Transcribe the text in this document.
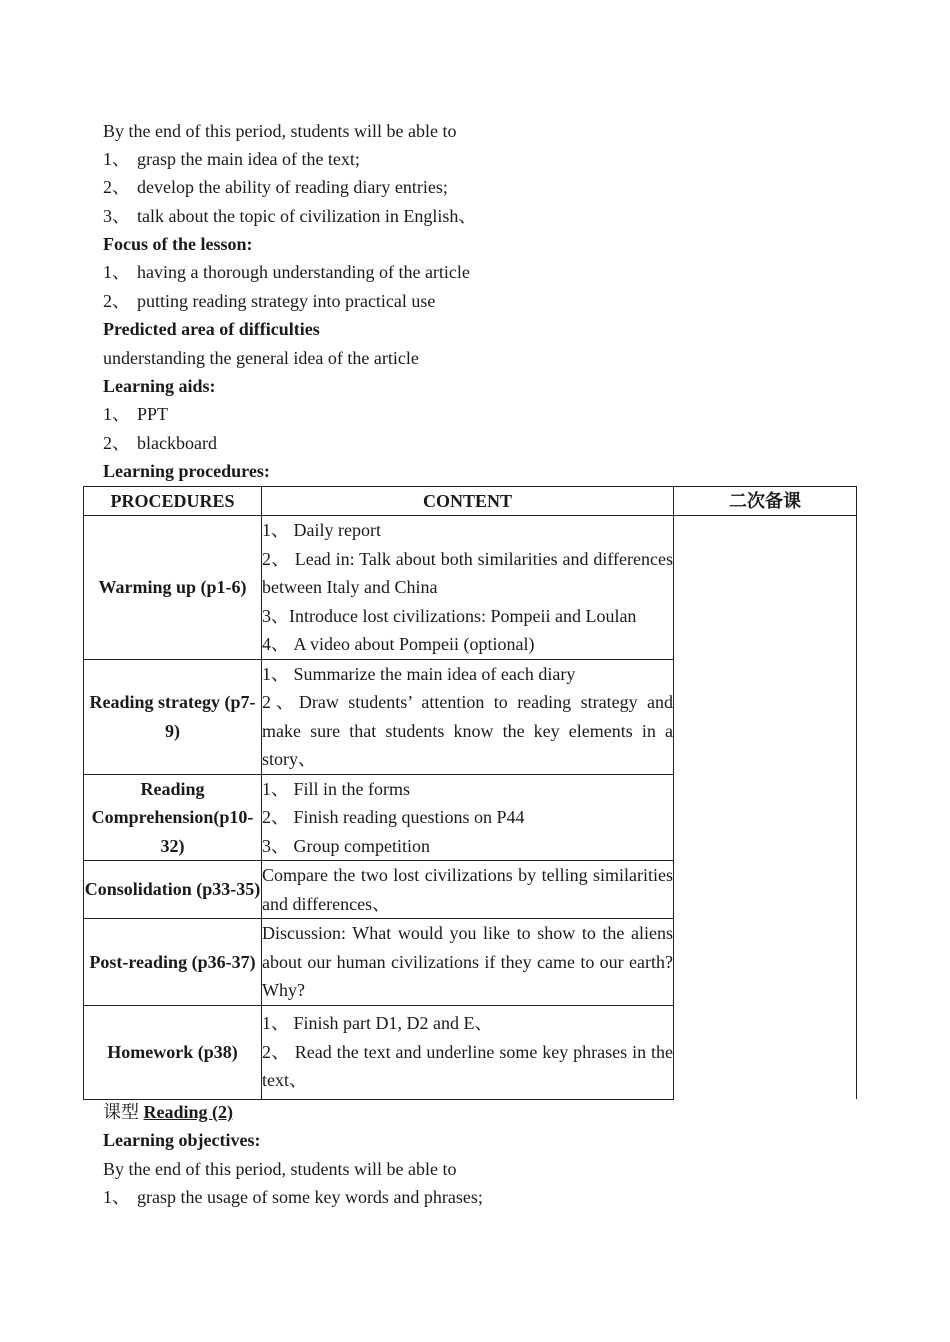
By the end of this period, students will be able to
1、 grasp the main idea of the text;
2、 develop the ability of reading diary entries;
3、 talk about the topic of civilization in English、
Focus of the lesson:
1、 having a thorough understanding of the article
2、 putting reading strategy into practical use
Predicted area of difficulties
understanding the general idea of the article
Learning aids:
1、 PPT
2、 blackboard
Learning procedures:
PROCEDURES	CONTENT	二次备课
Warming up (p1-6)	1、 Daily report
2、 Lead in: Talk about both similarities and differences between Italy and China
3、Introduce lost civilizations: Pompeii and Loulan
4、 A video about Pompeii (optional)	

Reading strategy (p7-9)	1、 Summarize the main idea of each diary
2、Draw students’ attention to reading strategy and make sure that students know the key elements in a story、	

Reading Comprehension(p10-32)	1、 Fill in the forms
2、 Finish reading questions on P44
3、 Group competition	

Consolidation (p33-35)	Compare the two lost civilizations by telling similarities and differences、	

Post-reading (p36-37)	Discussion: What would you like to show to the aliens about our human civilizations if they came to our earth? Why?	

Homework (p38)	1、 Finish part D1, D2 and E、
2、 Read the text and underline some key phrases in the text、	
课型 Reading (2)
Learning objectives:
By the end of this period, students will be able to
1、 grasp the usage of some key words and phrases;
